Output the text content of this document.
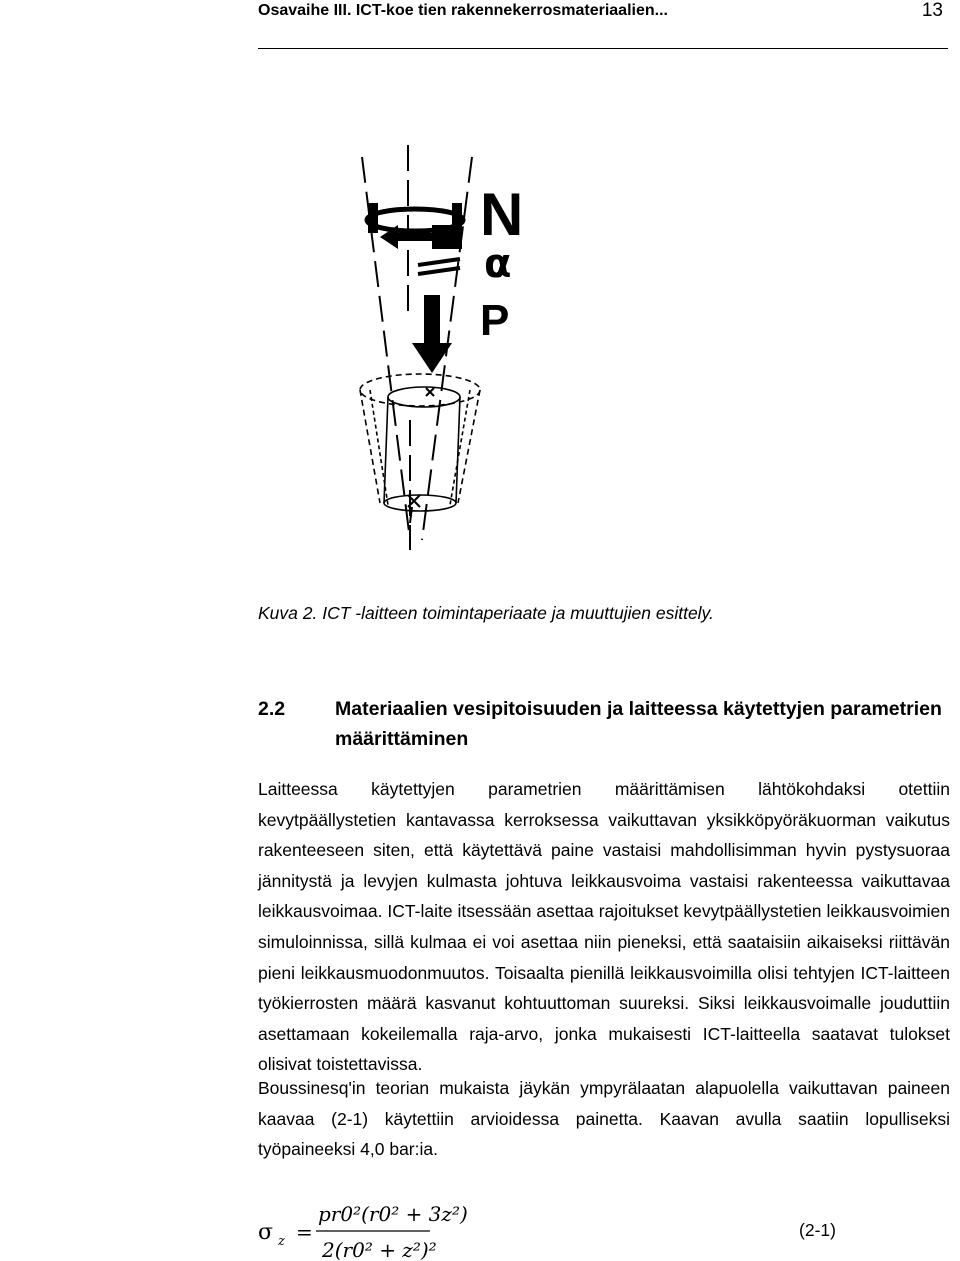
Osavaihe III. ICT-koe tien rakennekerrosmateriaalien...	13
N
α
P
Kuva 2. ICT -laitteen toimintaperiaate ja muuttujien esittely.
2.2	Materiaalien vesipitoisuuden ja laitteessa käytettyjen parametrien määrittäminen

Laitteessa käytettyjen parametrien määrittämisen lähtökohdaksi otettiin kevytpäällystetien kantavassa kerroksessa vaikuttavan yksikköpyöräkuorman vaikutus rakenteeseen siten, että käytettävä paine vastaisi mahdollisimman hyvin pystysuoraa jännitystä ja levyjen kulmasta johtuva leikkausvoima vastaisi rakenteessa vaikuttavaa leikkausvoimaa. ICT-laite itsessään asettaa rajoitukset kevytpäällystetien leikkausvoimien simuloinnissa, sillä kulmaa ei voi asettaa niin pieneksi, että saataisiin aikaiseksi riittävän pieni leikkausmuodonmuutos. Toisaalta pienillä leikkausvoimilla olisi tehtyjen ICT-laitteen työkierrosten määrä kasvanut kohtuuttoman suureksi. Siksi leikkausvoimalle jouduttiin asettamaan kokeilemalla raja-arvo, jonka mukaisesti ICT-laitteella saatavat tulokset olisivat toistettavissa.

Boussinesq'in teorian mukaista jäykän ympyrälaatan alapuolella vaikuttavan paineen kaavaa (2-1) käytettiin arvioidessa painetta. Kaavan avulla saatiin lopulliseksi työpaineeksi 4,0 bar:ia.

σ z =
pr0²(r0² + 3z²)
2(r0² + z²)²
(2-1)
